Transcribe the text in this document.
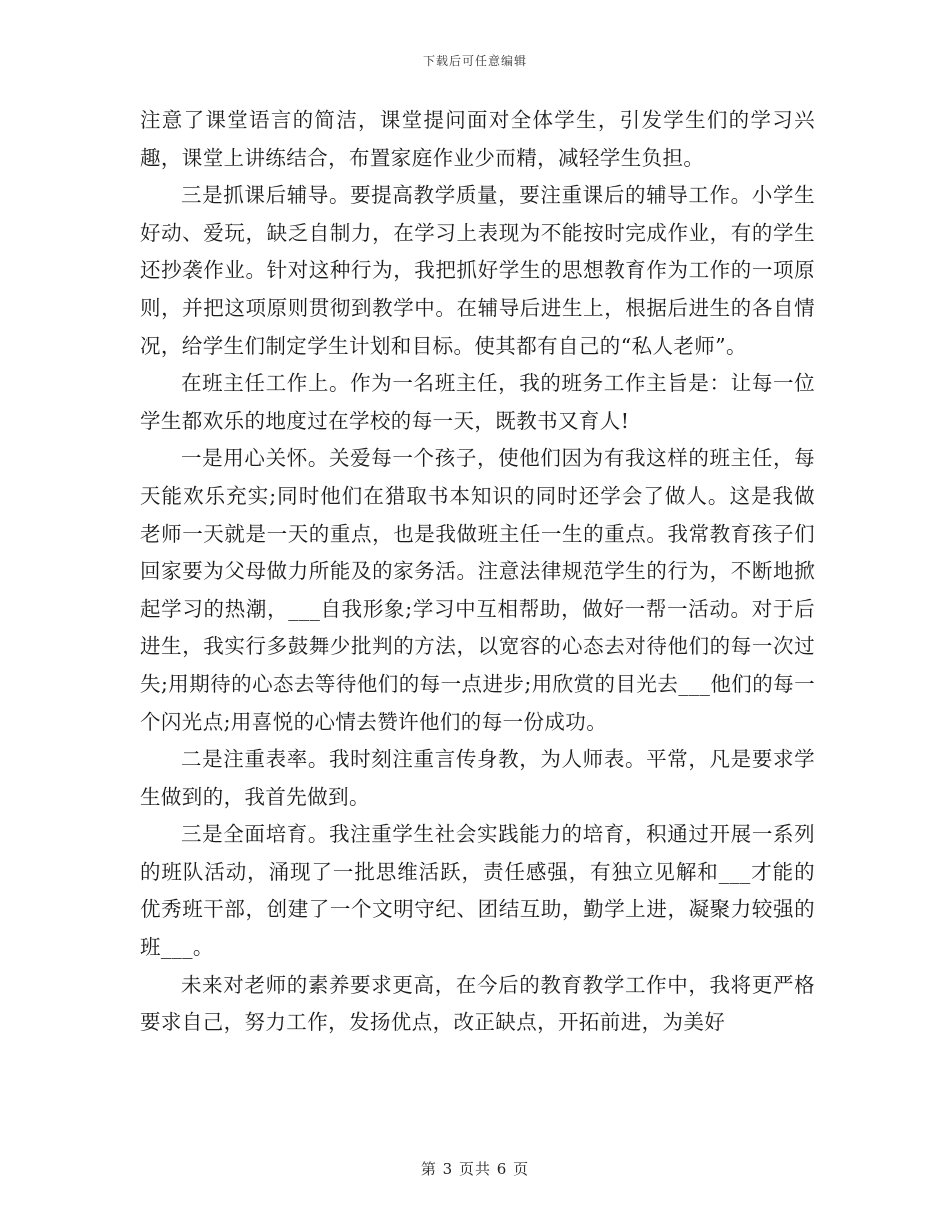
下载后可任意编辑

注意了课堂语言的简洁，课堂提问面对全体学生，引发学生们的学习兴趣，课堂上讲练结合，布置家庭作业少而精，减轻学生负担。

三是抓课后辅导。要提高教学质量，要注重课后的辅导工作。小学生好动、爱玩，缺乏自制力，在学习上表现为不能按时完成作业，有的学生还抄袭作业。针对这种行为，我把抓好学生的思想教育作为工作的一项原则，并把这项原则贯彻到教学中。在辅导后进生上，根据后进生的各自情况，给学生们制定学生计划和目标。使其都有自己的“私人老师”。

在班主任工作上。作为一名班主任，我的班务工作主旨是：让每一位学生都欢乐的地度过在学校的每一天，既教书又育人!

一是用心关怀。关爱每一个孩子，使他们因为有我这样的班主任，每天能欢乐充实;同时他们在猎取书本知识的同时还学会了做人。这是我做老师一天就是一天的重点，也是我做班主任一生的重点。我常教育孩子们回家要为父母做力所能及的家务活。注意法律规范学生的行为，不断地掀起学习的热潮，___自我形象;学习中互相帮助，做好一帮一活动。对于后进生，我实行多鼓舞少批判的方法，以宽容的心态去对待他们的每一次过失;用期待的心态去等待他们的每一点进步;用欣赏的目光去___他们的每一个闪光点;用喜悦的心情去赞许他们的每一份成功。

二是注重表率。我时刻注重言传身教，为人师表。平常，凡是要求学生做到的，我首先做到。

三是全面培育。我注重学生社会实践能力的培育，积通过开展一系列的班队活动，涌现了一批思维活跃，责任感强，有独立见解和___才能的优秀班干部，创建了一个文明守纪、团结互助，勤学上进，凝聚力较强的班___。

未来对老师的素养要求更高，在今后的教育教学工作中，我将更严格要求自己，努力工作，发扬优点，改正缺点，开拓前进，为美好

第 3 页共 6 页
